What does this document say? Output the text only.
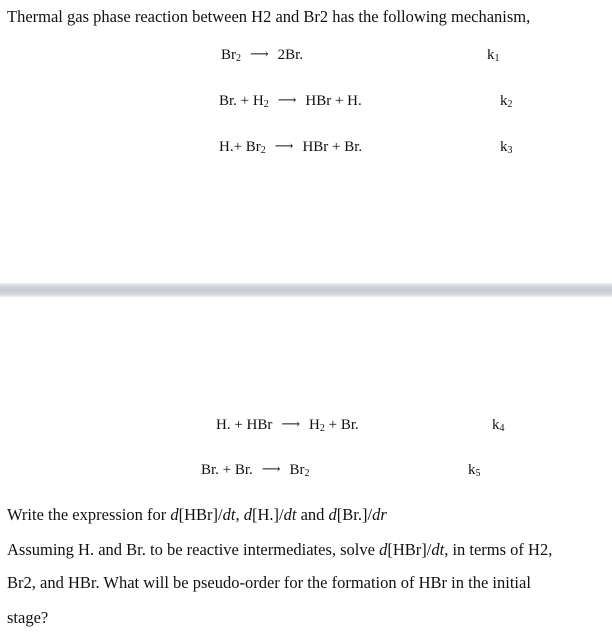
Thermal gas phase reaction between H2 and Br2 has the following mechanism,
$Br_2$ ⟶ 2Br.	$k_1$
Br. + $H_2$ ⟶ HBr + H.	$k_2$
$H.+ Br_2$ ⟶ HBr + Br.	$k_3$
H. + HBr ⟶ $H_2 + Br$.	$k_4$
Br. + Br. ⟶ $Br_2$	$k_5$
Write the expression for d[HBr]/dt, d[H.]/dt and d[Br.]/dr
Assuming H. and Br. to be reactive intermediates, solve d[HBr]/dt, in terms of H2,
Br2, and HBr. What will be pseudo-order for the formation of HBr in the initial
stage?
